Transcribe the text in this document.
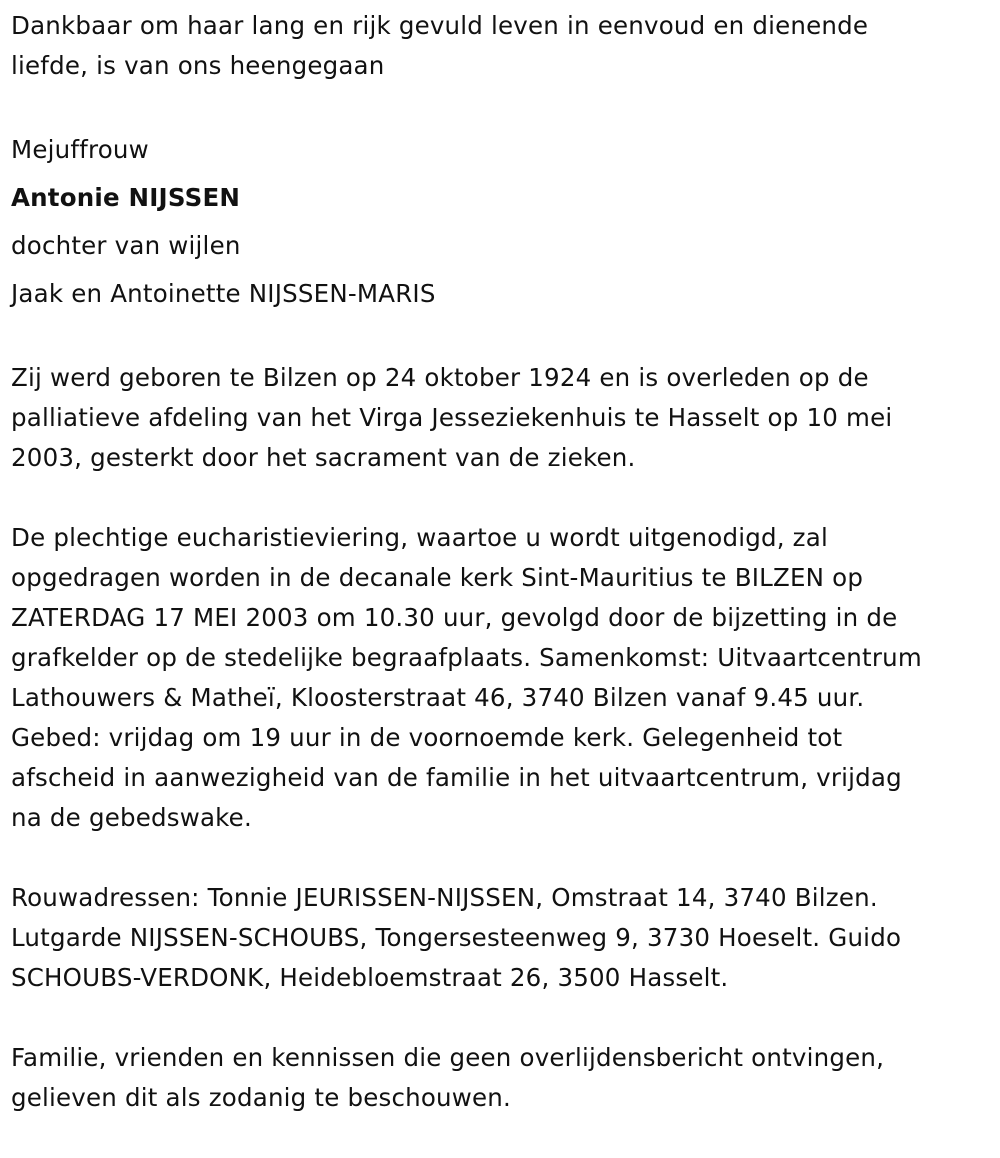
Dankbaar om haar lang en rijk gevuld leven in eenvoud en dienende
liefde, is van ons heengegaan
Mejuffrouw
Antonie NIJSSEN
dochter van wijlen
Jaak en Antoinette NIJSSEN-MARIS
Zij werd geboren te Bilzen op 24 oktober 1924 en is overleden op de
palliatieve afdeling van het Virga Jesseziekenhuis te Hasselt op 10 mei
2003, gesterkt door het sacrament van de zieken.
De plechtige eucharistieviering, waartoe u wordt uitgenodigd, zal
opgedragen worden in de decanale kerk Sint-Mauritius te BILZEN op
ZATERDAG 17 MEI 2003 om 10.30 uur, gevolgd door de bijzetting in de
grafkelder op de stedelijke begraafplaats. Samenkomst: Uitvaartcentrum
Lathouwers & Matheï, Kloosterstraat 46, 3740 Bilzen vanaf 9.45 uur.
Gebed: vrijdag om 19 uur in de voornoemde kerk. Gelegenheid tot
afscheid in aanwezigheid van de familie in het uitvaartcentrum, vrijdag
na de gebedswake.
Rouwadressen: Tonnie JEURISSEN-NIJSSEN, Omstraat 14, 3740 Bilzen.
Lutgarde NIJSSEN-SCHOUBS, Tongersesteenweg 9, 3730 Hoeselt. Guido
SCHOUBS-VERDONK, Heidebloemstraat 26, 3500 Hasselt.
Familie, vrienden en kennissen die geen overlijdensbericht ontvingen,
gelieven dit als zodanig te beschouwen.
